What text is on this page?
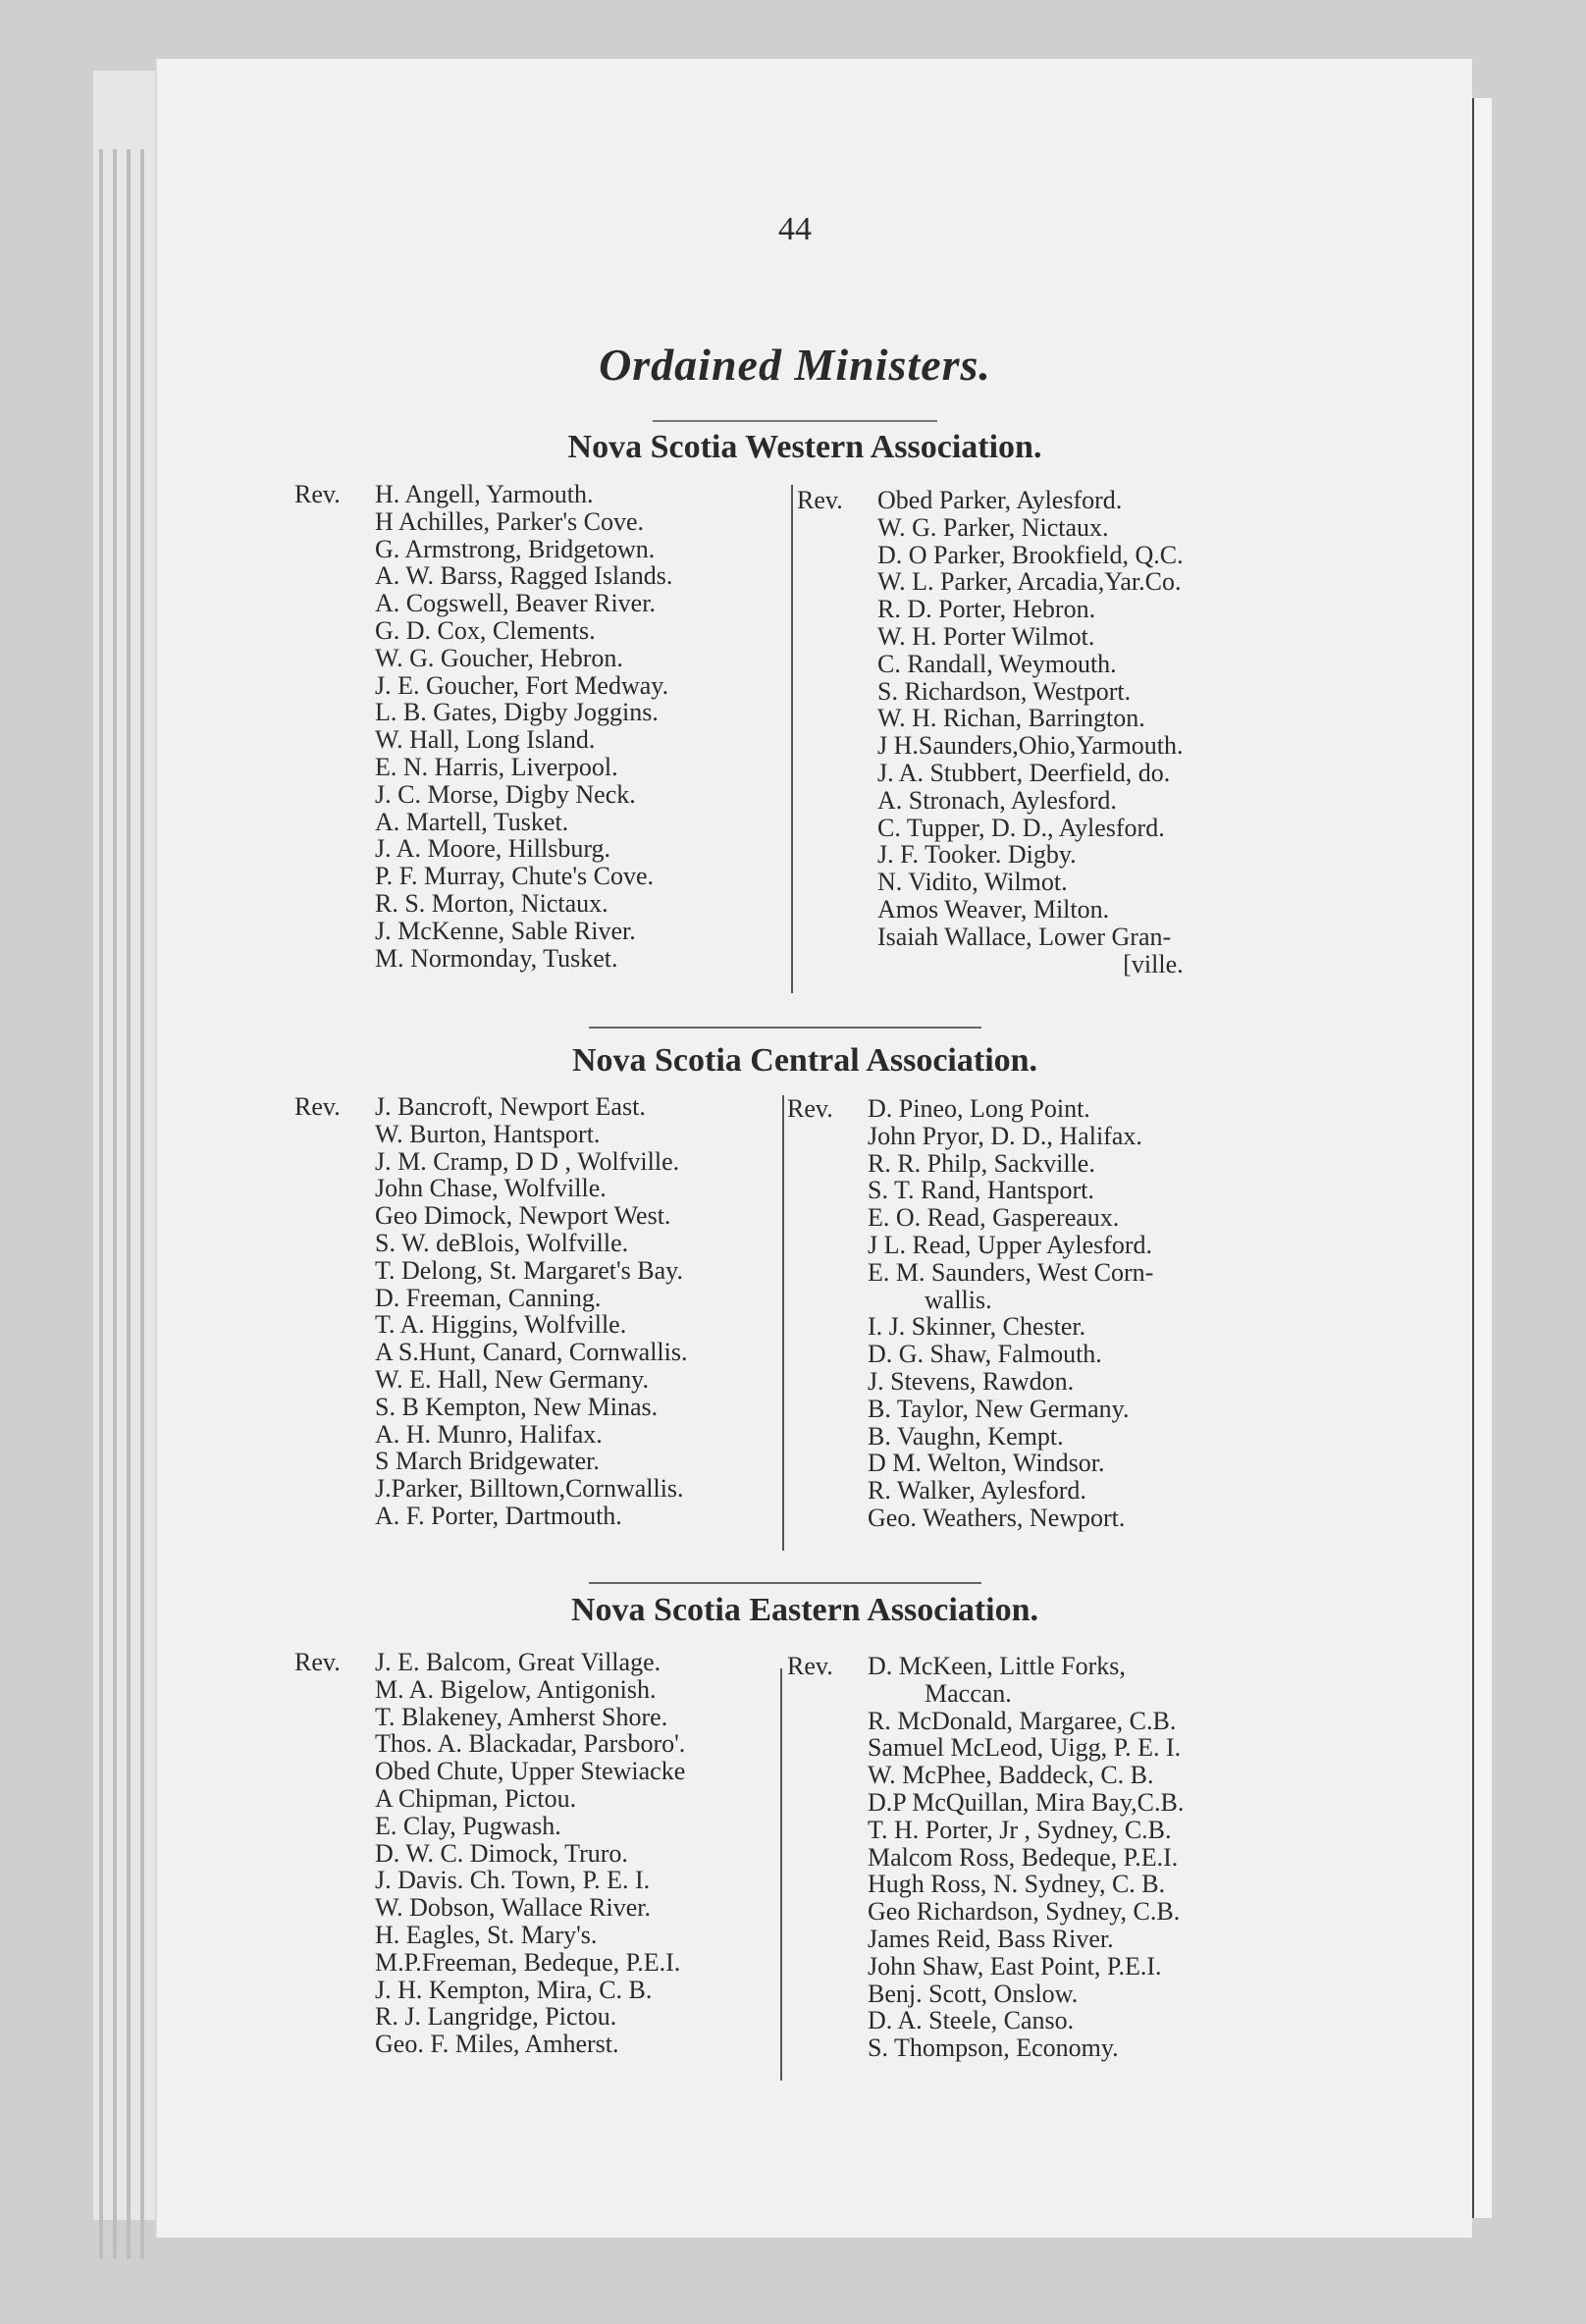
44
Ordained Ministers.
Nova Scotia Western Association.
Rev. H. Angell, Yarmouth.
H Achilles, Parker's Cove.
G. Armstrong, Bridgetown.
A. W. Barss, Ragged Islands.
A. Cogswell, Beaver River.
G. D. Cox, Clements.
W. G. Goucher, Hebron.
J. E. Goucher, Fort Medway.
L. B. Gates, Digby Joggins.
W. Hall, Long Island.
E. N. Harris, Liverpool.
J. C. Morse, Digby Neck.
A. Martell, Tusket.
J. A. Moore, Hillsburg.
P. F. Murray, Chute's Cove.
R. S. Morton, Nictaux.
J. McKenne, Sable River.
M. Normonday, Tusket.
Rev. Obed Parker, Aylesford.
W. G. Parker, Nictaux.
D. O Parker, Brookfield, Q.C.
W. L. Parker, Arcadia,Yar.Co.
R. D. Porter, Hebron.
W. H. Porter Wilmot.
C. Randall, Weymouth.
S. Richardson, Westport.
W. H. Richan, Barrington.
J H.Saunders,Ohio,Yarmouth.
J. A. Stubbert, Deerfield, do.
A. Stronach, Aylesford.
C. Tupper, D. D., Aylesford.
J. F. Tooker. Digby.
N. Vidito, Wilmot.
Amos Weaver, Milton.
Isaiah Wallace, Lower Gran-
[ville.
Nova Scotia Central Association.
Rev. J. Bancroft, Newport East.
W. Burton, Hantsport.
J. M. Cramp, D D , Wolfville.
John Chase, Wolfville.
Geo Dimock, Newport West.
S. W. deBlois, Wolfville.
T. Delong, St. Margaret's Bay.
D. Freeman, Canning.
T. A. Higgins, Wolfville.
A S.Hunt, Canard, Cornwallis.
W. E. Hall, New Germany.
S. B Kempton, New Minas.
A. H. Munro, Halifax.
S March Bridgewater.
J.Parker, Billtown,Cornwallis.
A. F. Porter, Dartmouth.
Rev. D. Pineo, Long Point.
John Pryor, D. D., Halifax.
R. R. Philp, Sackville.
S. T. Rand, Hantsport.
E. O. Read, Gaspereaux.
J L. Read, Upper Aylesford.
E. M. Saunders, West Corn-
wallis.
I. J. Skinner, Chester.
D. G. Shaw, Falmouth.
J. Stevens, Rawdon.
B. Taylor, New Germany.
B. Vaughn, Kempt.
D M. Welton, Windsor.
R. Walker, Aylesford.
Geo. Weathers, Newport.
Nova Scotia Eastern Association.
Rev. J. E. Balcom, Great Village.
M. A. Bigelow, Antigonish.
T. Blakeney, Amherst Shore.
Thos. A. Blackadar, Parsboro'.
Obed Chute, Upper Stewiacke
A Chipman, Pictou.
E. Clay, Pugwash.
D. W. C. Dimock, Truro.
J. Davis. Ch. Town, P. E. I.
W. Dobson, Wallace River.
H. Eagles, St. Mary's.
M.P.Freeman, Bedeque, P.E.I.
J. H. Kempton, Mira, C. B.
R. J. Langridge, Pictou.
Geo. F. Miles, Amherst.
Rev. D. McKeen, Little Forks,
Maccan.
R. McDonald, Margaree, C.B.
Samuel McLeod, Uigg, P. E. I.
W. McPhee, Baddeck, C. B.
D.P McQuillan, Mira Bay,C.B.
T. H. Porter, Jr , Sydney, C.B.
Malcom Ross, Bedeque, P.E.I.
Hugh Ross, N. Sydney, C. B.
Geo Richardson, Sydney, C.B.
James Reid, Bass River.
John Shaw, East Point, P.E.I.
Benj. Scott, Onslow.
D. A. Steele, Canso.
S. Thompson, Economy.
